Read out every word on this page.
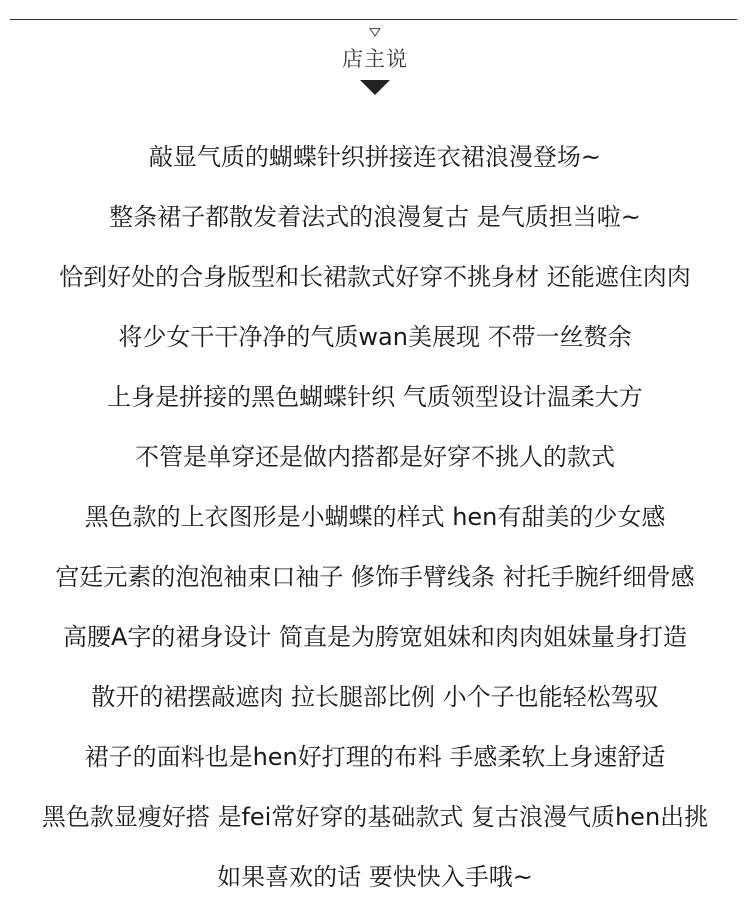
店主说
敲显气质的蝴蝶针织拼接连衣裙浪漫登场~
整条裙子都散发着法式的浪漫复古 是气质担当啦~
恰到好处的合身版型和长裙款式好穿不挑身材 还能遮住肉肉
将少女干干净净的气质wan美展现 不带一丝赘余
上身是拼接的黑色蝴蝶针织 气质领型设计温柔大方
不管是单穿还是做内搭都是好穿不挑人的款式
黑色款的上衣图形是小蝴蝶的样式 hen有甜美的少女感
宫廷元素的泡泡袖束口袖子 修饰手臂线条 衬托手腕纤细骨感
高腰A字的裙身设计 简直是为胯宽姐妹和肉肉姐妹量身打造
散开的裙摆敲遮肉 拉长腿部比例 小个子也能轻松驾驭
裙子的面料也是hen好打理的布料 手感柔软上身速舒适
黑色款显瘦好搭 是fei常好穿的基础款式 复古浪漫气质hen出挑
如果喜欢的话 要快快入手哦~
